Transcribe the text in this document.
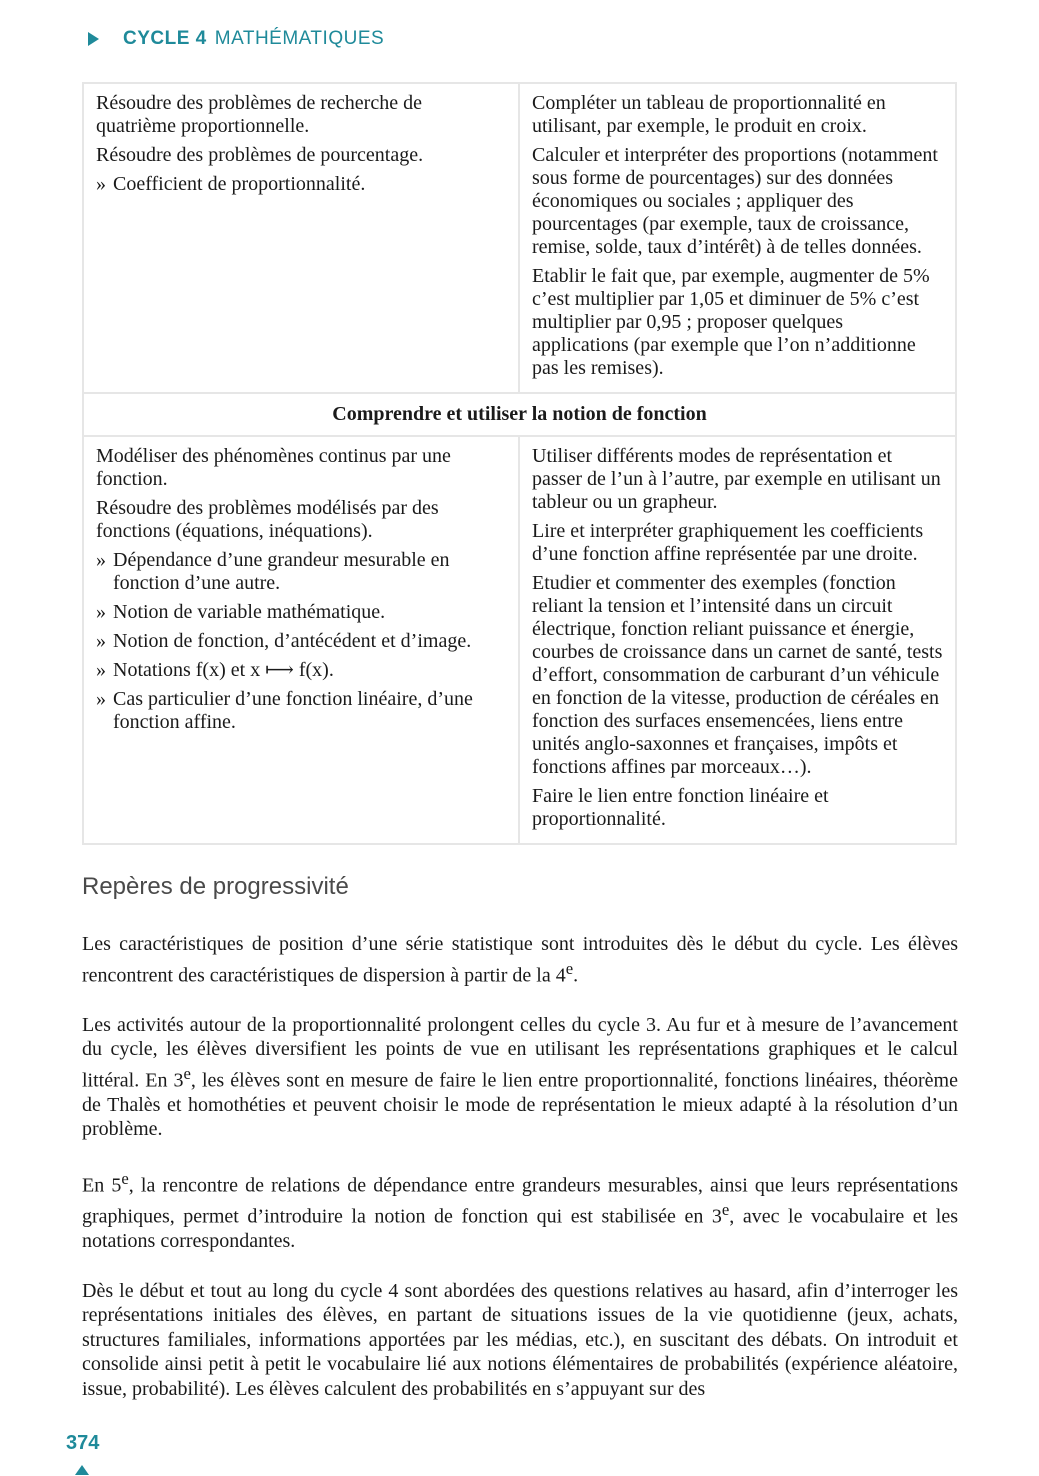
CYCLE 4 MATHÉMATIQUES

Résoudre des problèmes de recherche de quatrième proportionnelle.

Résoudre des problèmes de pourcentage.

» Coefficient de proportionnalité.

Compléter un tableau de proportionnalité en utilisant, par exemple, le produit en croix.

Calculer et interpréter des proportions (notamment sous forme de pourcentages) sur des données économiques ou sociales ; appliquer des pourcentages (par exemple, taux de croissance, remise, solde, taux d’intérêt) à de telles données.

Etablir le fait que, par exemple, augmenter de 5% c’est multiplier par 1,05 et diminuer de 5% c’est multiplier par 0,95 ; proposer quelques applications (par exemple que l’on n’additionne pas les remises).

Comprendre et utiliser la notion de fonction

Modéliser des phénomènes continus par une fonction.

Résoudre des problèmes modélisés par des fonctions (équations, inéquations).

» Dépendance d’une grandeur mesurable en fonction d’une autre.
» Notion de variable mathématique.
» Notion de fonction, d’antécédent et d’image.
» Notations f(x) et x ⟼ f(x).
» Cas particulier d’une fonction linéaire, d’une fonction affine.

Utiliser différents modes de représentation et passer de l’un à l’autre, par exemple en utilisant un tableur ou un grapheur.

Lire et interpréter graphiquement les coefficients d’une fonction affine représentée par une droite.

Etudier et commenter des exemples (fonction reliant la tension et l’intensité dans un circuit électrique, fonction reliant puissance et énergie, courbes de croissance dans un carnet de santé, tests d’effort, consommation de carburant d’un véhicule en fonction de la vitesse, production de céréales en fonction des surfaces ensemencées, liens entre unités anglo-saxonnes et françaises, impôts et fonctions affines par morceaux…).

Faire le lien entre fonction linéaire et proportionnalité.

Repères de progressivité

Les caractéristiques de position d’une série statistique sont introduites dès le début du cycle. Les élèves rencontrent des caractéristiques de dispersion à partir de la 4e.

Les activités autour de la proportionnalité prolongent celles du cycle 3. Au fur et à mesure de l’avancement du cycle, les élèves diversifient les points de vue en utilisant les représentations graphiques et le calcul littéral. En 3e, les élèves sont en mesure de faire le lien entre proportionnalité, fonctions linéaires, théorème de Thalès et homothéties et peuvent choisir le mode de représentation le mieux adapté à la résolution d’un problème.

En 5e, la rencontre de relations de dépendance entre grandeurs mesurables, ainsi que leurs représentations graphiques, permet d’introduire la notion de fonction qui est stabilisée en 3e, avec le vocabulaire et les notations correspondantes.

Dès le début et tout au long du cycle 4 sont abordées des questions relatives au hasard, afin d’interroger les représentations initiales des élèves, en partant de situations issues de la vie quotidienne (jeux, achats, structures familiales, informations apportées par les médias, etc.), en suscitant des débats. On introduit et consolide ainsi petit à petit le vocabulaire lié aux notions élémentaires de probabilités (expérience aléatoire, issue, probabilité). Les élèves calculent des probabilités en s’appuyant sur des

374
